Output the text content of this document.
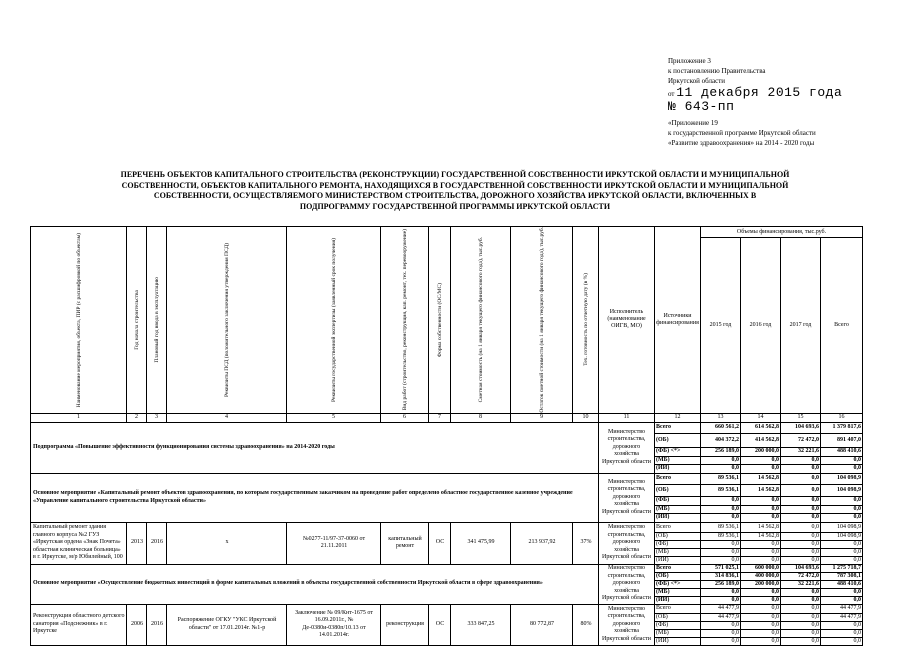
Приложение 3
к постановлению Правительства
Иркутской области
от 11 декабря 2015 года
№ 643-пп
«Приложение 19
к государственной программе Иркутской области
«Развитие здравоохранения» на 2014 - 2020 годы
ПЕРЕЧЕНЬ ОБЪЕКТОВ КАПИТАЛЬНОГО СТРОИТЕЛЬСТВА (РЕКОНСТРУКЦИИ) ГОСУДАРСТВЕННОЙ СОБСТВЕННОСТИ ИРКУТСКОЙ ОБЛАСТИ И МУНИЦИПАЛЬНОЙ СОБСТВЕННОСТИ, ОБЪЕКТОВ КАПИТАЛЬНОГО РЕМОНТА, НАХОДЯЩИХСЯ В ГОСУДАРСТВЕННОЙ СОБСТВЕННОСТИ ИРКУТСКОЙ ОБЛАСТИ И МУНИЦИПАЛЬНОЙ СОБСТВЕННОСТИ, ОСУЩЕСТВЛЯЕМОГО МИНИСТЕРСТВОМ СТРОИТЕЛЬСТВА, ДОРОЖНОГО ХОЗЯЙСТВА ИРКУТСКОЙ ОБЛАСТИ, ВКЛЮЧЕННЫХ В ПОДПРОГРАММУ ГОСУДАРСТВЕННОЙ ПРОГРАММЫ ИРКУТСКОЙ ОБЛАСТИ
Наименование мероприятия, объекта, ПИР (с расшифровкой по объектам)	Год начала строительства	Плановый год ввода в эксплуатацию	Реквизиты ПСД (положительного заключения утверждения ПСД)	Реквизиты государственной экспертизы (заявленный срок получения)	Вид работ (строительство, реконструкция, кап. ремонт, тех. перевооружение)	Форма собственности (ОС/МС)	Сметная стоимость (на 1 января текущего финансового года), тыс.руб.	Остаток сметной стоимости (на 1 января текущего финансового года), тыс.руб.	Тех. готовность по отчетную дату (в %)	Исполнитель (наименование ОИГВ, МО)	Источники финансирования	Объемы финансирования, тыс.руб.			
												2015 год	2016 год	2017 год	Всего
1	2	3	4	5	6	7	8	9	10	11	12	13	14	15	16
Подпрограмма «Повышение эффективности функционирования системы здравоохранения» на 2014-2020 годы										Министерство строительства, дорожного хозяйства Иркутской области	Всего	660 561,2	614 562,8	104 693,6	1 379 817,6
											(ОБ)	404 372,2	414 562,8	72 472,0	891 407,0
											(ФБ) <*>	256 189,0	200 000,0	32 221,6	488 410,6
											(МБ)	0,0	0,0	0,0	0,0
											(ИИ)	0,0	0,0	0,0	0,0
Основное мероприятие «Капитальный ремонт объектов здравоохранения, по которым государственным заказчиком на проведение работ определено областное государственное казенное учреждение «Управление капитального строительства Иркутской области»										Министерство строительства, дорожного хозяйства Иркутской области	Всего	89 536,1	14 562,8	0,0	104 098,9
											(ОБ)	89 536,1	14 562,8	0,0	104 098,9
											(ФБ)	0,0	0,0	0,0	0,0
											(МБ)	0,0	0,0	0,0	0,0
											(ИИ)	0,0	0,0	0,0	0,0
Капитальный ремонт здания главного корпуса №2 ГУЗ «Иркутская ордена «Знак Почета» областная клиническая больница» в г. Иркутске, м/р Юбилейный, 100	2013	2016	x	№0277-11/97-37-0060 от 21.11.2011	капитальный ремонт	ОС	341 475,99	213 937,92	37%	Министерство строительства, дорожного хозяйства Иркутской области	Всего	89 536,1	14 562,8	0,0	104 098,9
											(ОБ)	89 536,1	14 562,8	0,0	104 098,9
											(ФБ)	0,0	0,0	0,0	0,0
											(МБ)	0,0	0,0	0,0	0,0
											(ИИ)	0,0	0,0	0,0	0,0
Основное мероприятие «Осуществление бюджетных инвестиций в форме капитальных вложений в объекты государственной собственности Иркутской области в сфере здравоохранения»										Министерство строительства, дорожного хозяйства Иркутской области	Всего	571 025,1	600 000,0	104 693,6	1 275 718,7
											(ОБ)	314 836,1	400 000,0	72 472,0	787 308,1
											(ФБ) <*>	256 189,0	200 000,0	32 221,6	488 410,6
											(МБ)	0,0	0,0	0,0	0,0
											(ИИ)	0,0	0,0	0,0	0,0
Реконструкция областного детского санатория «Подснежник» в г. Иркутске	2006	2016	Распоряжение ОГКУ "УКС Иркутской области" от 17.01.2014г. №1-р	Заключение № 09/Кнт-1675 от 16.09.2011г., № Де-0380и-0380п/10.13 от 14.01.2014г.	реконструкция	ОС	333 847,25	80 772,87	80%	Министерство строительства, дорожного хозяйства Иркутской области	Всего	44 477,9	0,0	0,0	44 477,9
											(ОБ)	44 477,9	0,0	0,0	44 477,9
											(ФБ)	0,0	0,0	0,0	0,0
											(МБ)	0,0	0,0	0,0	0,0
											(ИИ)	0,0	0,0	0,0	0,0
